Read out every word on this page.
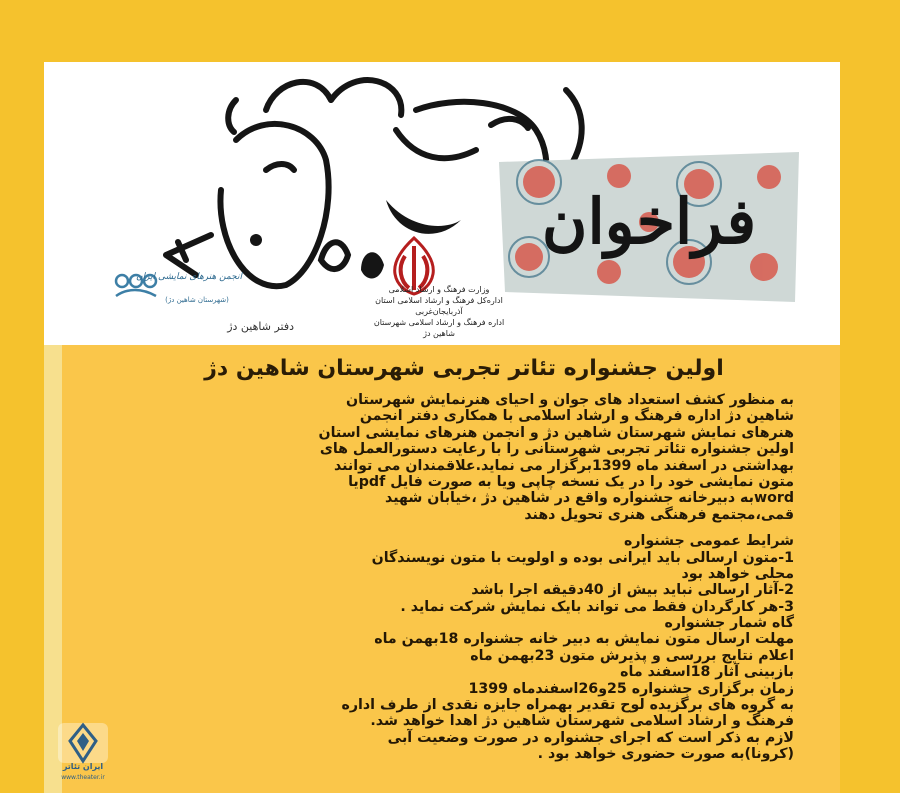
فراخوان
وزارت فرهنگ و ارشاد اسلامی
اداره‌کل فرهنگ و ارشاد اسلامی استان
آذربایجان‌غربی
اداره فرهنگ و ارشاد اسلامی شهرستان
شاهین دژ
انجمن هنرهای نمایشی ایران
(شهرستان شاهین دژ)
دفتر شاهین دژ
اولین جشنواره تئاتر تجربی شهرستان شاهین دژ
به منظور کشف استعداد های جوان و احیای هنرنمایش شهرستان
شاهین دژ اداره فرهنگ و ارشاد اسلامی با همکاری دفتر انجمن
هنرهای نمایش شهرستان شاهین دژ و انجمن هنرهای نمایشی استان
اولین جشنواره تئاتر تجربی شهرستانی را با رعایت دستورالعمل های
بهداشتی در اسفند ماه 1399برگزار می نماید.علاقمندان می توانند
متون نمایشی خود را در یک نسخه چاپی ویا به صورت فایل pdfیا
wordبه دبیرخانه جشنواره واقع در شاهین دژ ،خیابان شهید
قمی،مجتمع فرهنگی هنری تحویل دهند
شرایط عمومی جشنواره
1-متون ارسالی باید ایرانی بوده و اولویت با متون نویسندگان
محلی خواهد بود
2-آثار ارسالی نباید بیش از 40دقیقه اجرا باشد
3-هر کارگردان فقط می تواند بایک نمایش شرکت نماید .
گاه شمار جشنواره
مهلت ارسال متون نمایش به دبیر خانه جشنواره 18بهمن ماه
اعلام نتایج بررسی و پذیرش متون 23بهمن ماه
بازبینی آثار 18اسفند ماه
زمان برگزاری جشنواره 25و26اسفندماه 1399
به گروه های برگزیده لوح تقدیر بهمراه جایزه نقدی از طرف اداره
فرهنگ و ارشاد اسلامی شهرستان شاهین دژ اهدا خواهد شد.
لازم به ذکر است که اجرای جشنواره در صورت وضعیت آبی
(کرونا)به صورت حضوری خواهد بود .
ایران تئاتر
www.theater.ir
